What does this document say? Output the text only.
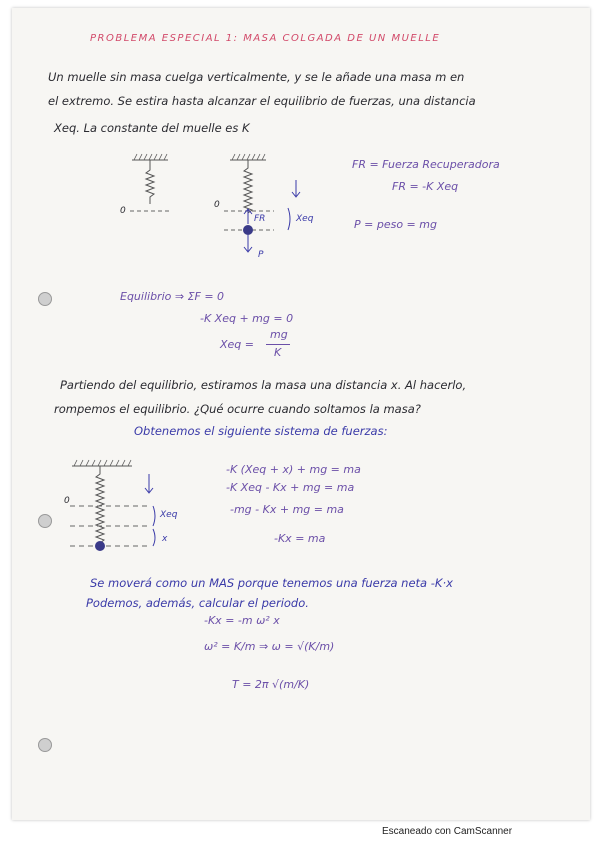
PROBLEMA ESPECIAL 1: MASA COLGADA DE UN MUELLE
Un muelle sin masa cuelga verticalmente, y se le añade una masa m en
el extremo. Se estira hasta alcanzar el equilibrio de fuerzas, una distancia
Xeq. La constante del muelle es K
0
0
FR	Xeq
P
FR = Fuerza Recuperadora
FR = -K Xeq
P = peso = mg
Equilibrio ⇒ ΣF = 0
-K Xeq + mg = 0
Xeq =
mg
K
Partiendo del equilibrio, estiramos la masa una distancia x. Al hacerlo,
rompemos el equilibrio. ¿Qué ocurre cuando soltamos la masa?
Obtenemos el siguiente sistema de fuerzas:
0
Xeq
x
-K (Xeq + x) + mg = ma
-K Xeq - Kx + mg = ma
-mg - Kx + mg = ma
-Kx = ma
Se moverá como un MAS porque tenemos una fuerza neta -K·x
Podemos, además, calcular el periodo.
-Kx = -m ω² x
ω² = K/m ⇒ ω = √(K/m)
T = 2π √(m/K)
Escaneado con CamScanner
